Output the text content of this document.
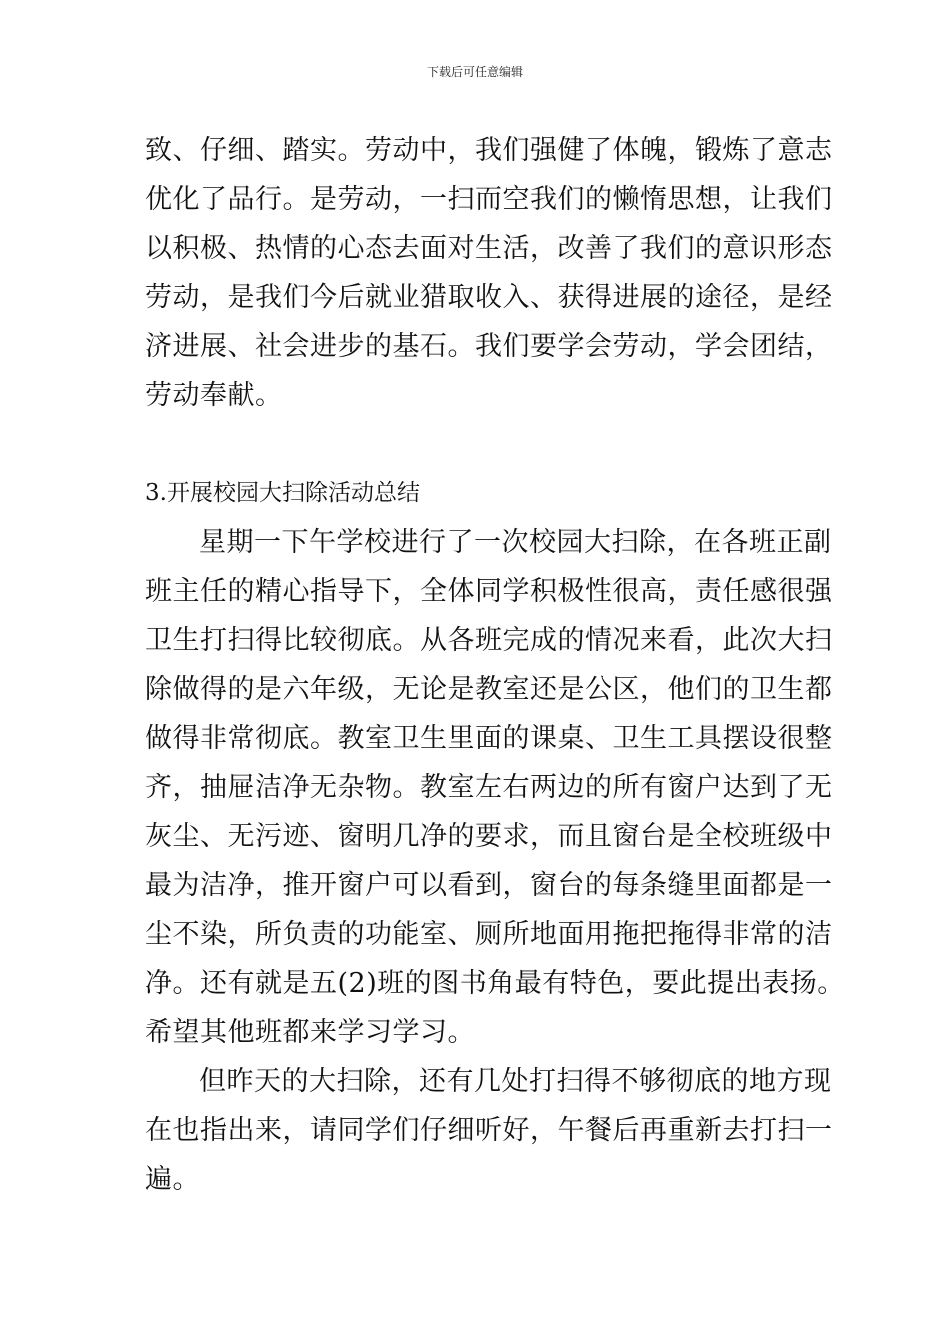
下载后可任意编辑
致、仔细、踏实。劳动中，我们强健了体魄，锻炼了意志
优化了品行。是劳动，一扫而空我们的懒惰思想，让我们
以积极、热情的心态去面对生活，改善了我们的意识形态
劳动，是我们今后就业猎取收入、获得进展的途径，是经
济进展、社会进步的基石。我们要学会劳动，学会团结，
劳动奉献。
3.开展校园大扫除活动总结
星期一下午学校进行了一次校园大扫除，在各班正副
班主任的精心指导下，全体同学积极性很高，责任感很强
卫生打扫得比较彻底。从各班完成的情况来看，此次大扫
除做得的是六年级，无论是教室还是公区，他们的卫生都
做得非常彻底。教室卫生里面的课桌、卫生工具摆设很整
齐，抽屉洁净无杂物。教室左右两边的所有窗户达到了无
灰尘、无污迹、窗明几净的要求，而且窗台是全校班级中
最为洁净，推开窗户可以看到，窗台的每条缝里面都是一
尘不染，所负责的功能室、厕所地面用拖把拖得非常的洁
净。还有就是五(2)班的图书角最有特色，要此提出表扬。
希望其他班都来学习学习。
但昨天的大扫除，还有几处打扫得不够彻底的地方现
在也指出来，请同学们仔细听好，午餐后再重新去打扫一
遍。
